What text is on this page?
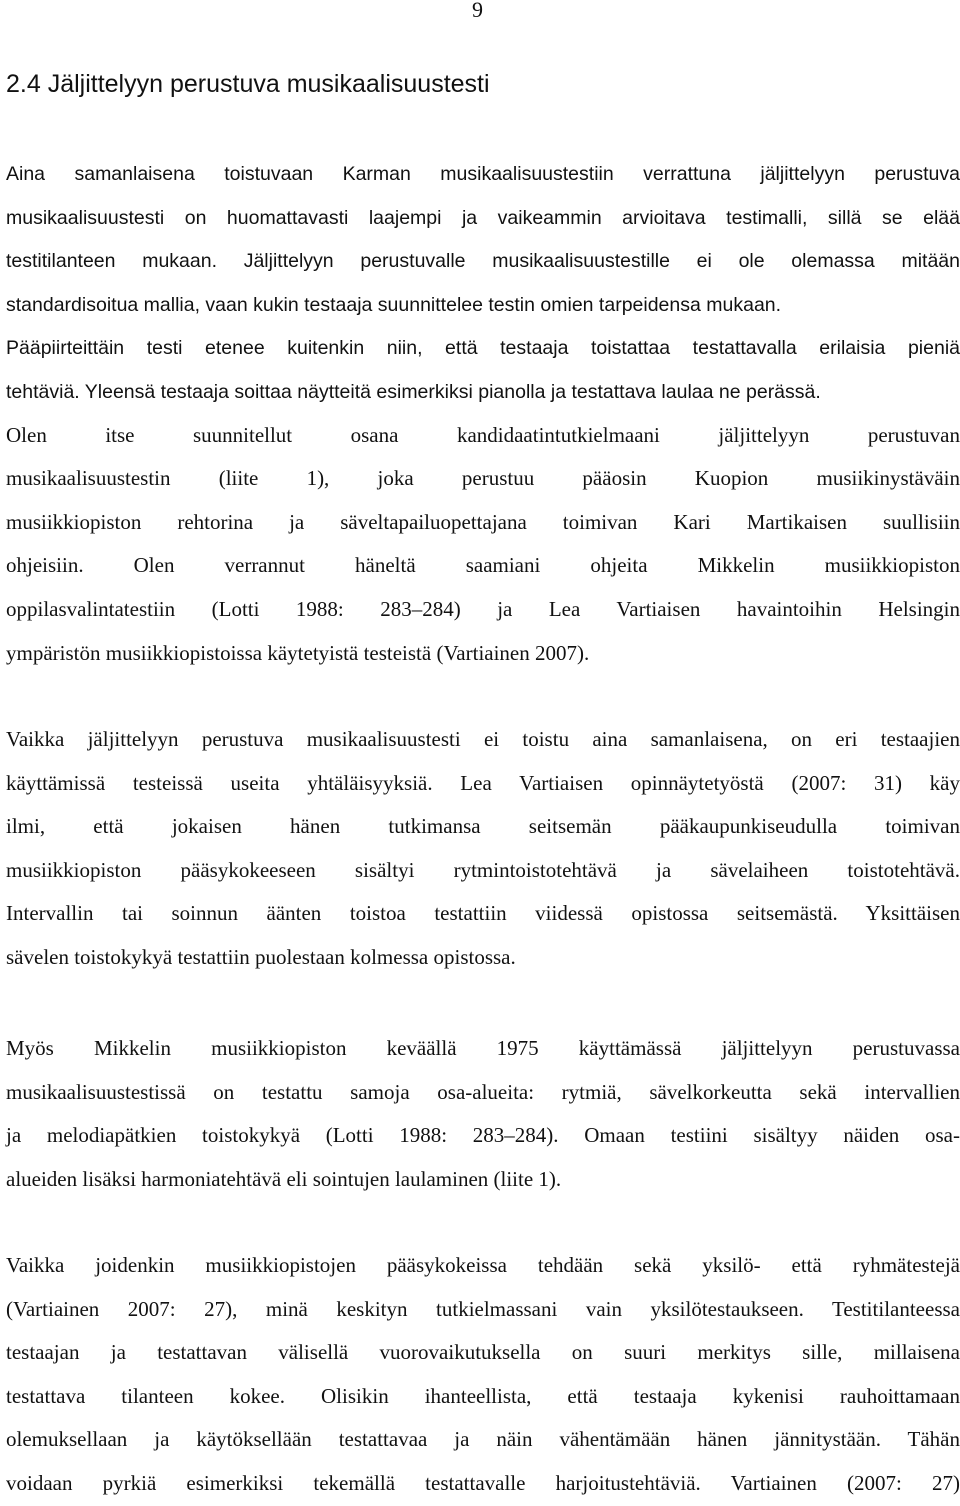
9
2.4 Jäljittelyyn perustuva musikaalisuustesti
Aina samanlaisena toistuvaan Karman musikaalisuustestiin verrattuna jäljittelyyn perustuva
musikaalisuustesti on huomattavasti laajempi ja vaikeammin arvioitava testimalli, sillä se elää
testitilanteen mukaan. Jäljittelyyn perustuvalle musikaalisuustestille ei ole olemassa mitään
standardisoitua mallia, vaan kukin testaaja suunnittelee testin omien tarpeidensa mukaan.
Pääpiirteittäin testi etenee kuitenkin niin, että testaaja toistattaa testattavalla erilaisia pieniä
tehtäviä. Yleensä testaaja soittaa näytteitä esimerkiksi pianolla ja testattava laulaa ne perässä.
Olen itse suunnitellut osana kandidaatintutkielmaani jäljittelyyn perustuvan
musikaalisuustestin (liite 1), joka perustuu pääosin Kuopion musiikinystäväin
musiikkiopiston rehtorina ja säveltapailuopettajana toimivan Kari Martikaisen suullisiin
ohjeisiin. Olen verrannut häneltä saamiani ohjeita Mikkelin musiikkiopiston
oppilasvalintatestiin (Lotti 1988: 283–284) ja Lea Vartiaisen havaintoihin Helsingin
ympäristön musiikkiopistoissa käytetyistä testeistä (Vartiainen 2007).
Vaikka jäljittelyyn perustuva musikaalisuustesti ei toistu aina samanlaisena, on eri testaajien
käyttämissä testeissä useita yhtäläisyyksiä. Lea Vartiaisen opinnäytetyöstä (2007: 31) käy
ilmi, että jokaisen hänen tutkimansa seitsemän pääkaupunkiseudulla toimivan
musiikkiopiston pääsykokeeseen sisältyi rytmintoistotehtävä ja sävelaiheen toistotehtävä.
Intervallin tai soinnun äänten toistoa testattiin viidessä opistossa seitsemästä. Yksittäisen
sävelen toistokykyä testattiin puolestaan kolmessa opistossa.
Myös Mikkelin musiikkiopiston keväällä 1975 käyttämässä jäljittelyyn perustuvassa
musikaalisuustestissä on testattu samoja osa-alueita: rytmiä, sävelkorkeutta sekä intervallien
ja melodiapätkien toistokykyä (Lotti 1988: 283–284). Omaan testiini sisältyy näiden osa-
alueiden lisäksi harmoniatehtävä eli sointujen laulaminen (liite 1).
Vaikka joidenkin musiikkiopistojen pääsykokeissa tehdään sekä yksilö- että ryhmätestejä
(Vartiainen 2007: 27), minä keskityn tutkielmassani vain yksilötestaukseen. Testitilanteessa
testaajan ja testattavan välisellä vuorovaikutuksella on suuri merkitys sille, millaisena
testattava tilanteen kokee. Olisikin ihanteellista, että testaaja kykenisi rauhoittamaan
olemuksellaan ja käytöksellään testattavaa ja näin vähentämään hänen jännitystään. Tähän
voidaan pyrkiä esimerkiksi tekemällä testattavalle harjoitustehtäviä. Vartiainen (2007: 27)
